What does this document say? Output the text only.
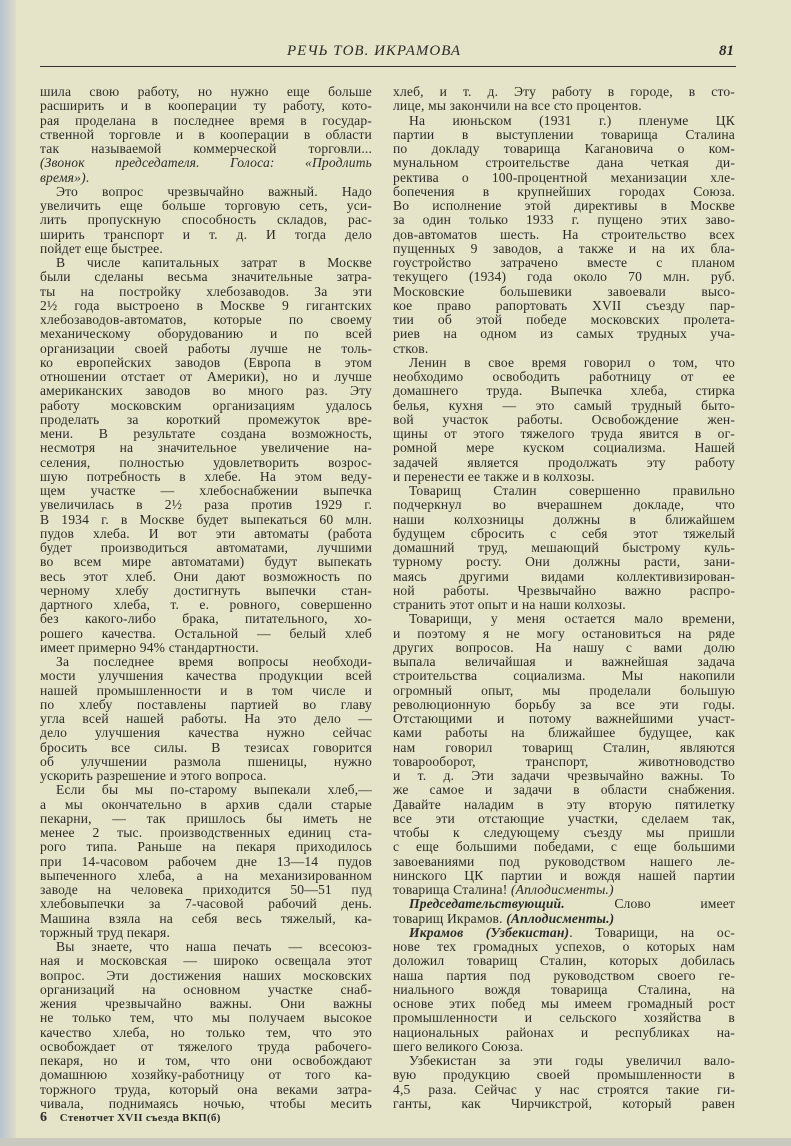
РЕЧЬ ТОВ. ИКРАМОВА	81
шила свою работу, но нужно еще больше
расширить и в кооперации ту работу, кото-
рая проделана в последнее время в государ-
ственной торговле и в кооперации в области
так называемой коммерческой торговли...
(Звонок председателя. Голоса: «Продлить
время»).
Это вопрос чрезвычайно важный. Надо
увеличить еще больше торговую сеть, уси-
лить пропускную способность складов, рас-
ширить транспорт и т. д. И тогда дело
пойдет еще быстрее.
В числе капитальных затрат в Москве
были сделаны весьма значительные затра-
ты на постройку хлебозаводов. За эти
2½ года выстроено в Москве 9 гигантских
хлебозаводов-автоматов, которые по своему
механическому оборудованию и по всей
организации своей работы лучше не толь-
ко европейских заводов (Европа в этом
отношении отстает от Америки), но и лучше
американских заводов во много раз. Эту
работу московским организациям удалось
проделать за короткий промежуток вре-
мени. В результате создана возможность,
несмотря на значительное увеличение на-
селения, полностью удовлетворить возрос-
шую потребность в хлебе. На этом веду-
щем участке — хлебоснабжении выпечка
увеличилась в 2½ раза против 1929 г.
В 1934 г. в Москве будет выпекаться 60 млн.
пудов хлеба. И вот эти автоматы (работа
будет производиться автоматами, лучшими
во всем мире автоматами) будут выпекать
весь этот хлеб. Они дают возможность по
черному хлебу достигнуть выпечки стан-
дартного хлеба, т. е. ровного, совершенно
без какого-либо брака, питательного, хо-
рошего качества. Остальной — белый хлеб
имеет примерно 94% стандартности.
За последнее время вопросы необходи-
мости улучшения качества продукции всей
нашей промышленности и в том числе и
по хлебу поставлены партией во главу
угла всей нашей работы. На это дело —
дело улучшения качества нужно сейчас
бросить все силы. В тезисах говорится
об улучшении размола пшеницы, нужно
ускорить разрешение и этого вопроса.
Если бы мы по-старому выпекали хлеб,—
а мы окончательно в архив сдали старые
пекарни, — так пришлось бы иметь не
менее 2 тыс. производственных единиц ста-
рого типа. Раньше на пекаря приходилось
при 14-часовом рабочем дне 13—14 пудов
выпеченного хлеба, а на механизированном
заводе на человека приходится 50—51 пуд
хлебовыпечки за 7-часовой рабочий день.
Машина взяла на себя весь тяжелый, ка-
торжный труд пекаря.
Вы знаете, что наша печать — всесоюз-
ная и московская — широко освещала этот
вопрос. Эти достижения наших московских
организаций на основном участке снаб-
жения чрезвычайно важны. Они важны
не только тем, что мы получаем высокое
качество хлеба, но только тем, что это
освобождает от тяжелого труда рабочего-
пекаря, но и том, что они освобождают
домашнюю хозяйку-работницу от того ка-
торжного труда, который она веками затра-
чивала, поднимаясь ночью, чтобы месить
хлеб, и т. д. Эту работу в городе, в сто-
лице, мы закончили на все сто процентов.
На июньском (1931 г.) пленуме ЦК
партии в выступлении товарища Сталина
по докладу товарища Кагановича о ком-
мунальном строительстве дана четкая ди-
ректива о 100-процентной механизации хле-
бопечения в крупнейших городах Союза.
Во исполнение этой директивы в Москве
за один только 1933 г. пущено этих заво-
дов-автоматов шесть. На строительство всех
пущенных 9 заводов, а также и на их бла-
гоустройство затрачено вместе с планом
текущего (1934) года около 70 млн. руб.
Московские большевики завоевали высо-
кое право рапортовать XVII съезду пар-
тии об этой победе московских пролета-
риев на одном из самых трудных уча-
стков.
Ленин в свое время говорил о том, что
необходимо освободить работницу от ее
домашнего труда. Выпечка хлеба, стирка
белья, кухня — это самый трудный быто-
вой участок работы. Освобождение жен-
щины от этого тяжелого труда явится в ог-
ромной мере куском социализма. Нашей
задачей является продолжать эту работу
и перенести ее также и в колхозы.
Товарищ Сталин совершенно правильно
подчеркнул во вчерашнем докладе, что
наши колхозницы должны в ближайшем
будущем сбросить с себя этот тяжелый
домашний труд, мешающий быстрому куль-
турному росту. Они должны расти, зани-
маясь другими видами коллективизирован-
ной работы. Чрезвычайно важно распро-
странить этот опыт и на наши колхозы.
Товарищи, у меня остается мало времени,
и поэтому я не могу остановиться на ряде
других вопросов. На нашу с вами долю
выпала величайшая и важнейшая задача
строительства социализма. Мы накопили
огромный опыт, мы проделали большую
революционную борьбу за все эти годы.
Отстающими и потому важнейшими участ-
ками работы на ближайшее будущее, как
нам говорил товарищ Сталин, являются
товарооборот, транспорт, животноводство
и т. д. Эти задачи чрезвычайно важны. То
же самое и задачи в области снабжения.
Давайте наладим в эту вторую пятилетку
все эти отстающие участки, сделаем так,
чтобы к следующему съезду мы пришли
с еще большими победами, с еще большими
завоеваниями под руководством нашего ле-
нинского ЦК партии и вождя нашей партии
товарища Сталина! (Аплодисменты.)
Председательствующий. Слово имеет
товарищ Икрамов. (Аплодисменты.)
Икрамов (Узбекистан). Товарищи, на ос-
нове тех громадных успехов, о которых нам
доложил товарищ Сталин, которых добилась
наша партия под руководством своего ге-
ниального вождя товарища Сталина, на
основе этих побед мы имеем громадный рост
промышленности и сельского хозяйства в
национальных районах и республиках на-
шего великого Союза.
Узбекистан за эти годы увеличил вало-
вую продукцию своей промышленности в
4,5 раза. Сейчас у нас строятся такие ги-
ганты, как Чирчикстрой, который равен
6 Стенотчет XVII съезда ВКП(б)
